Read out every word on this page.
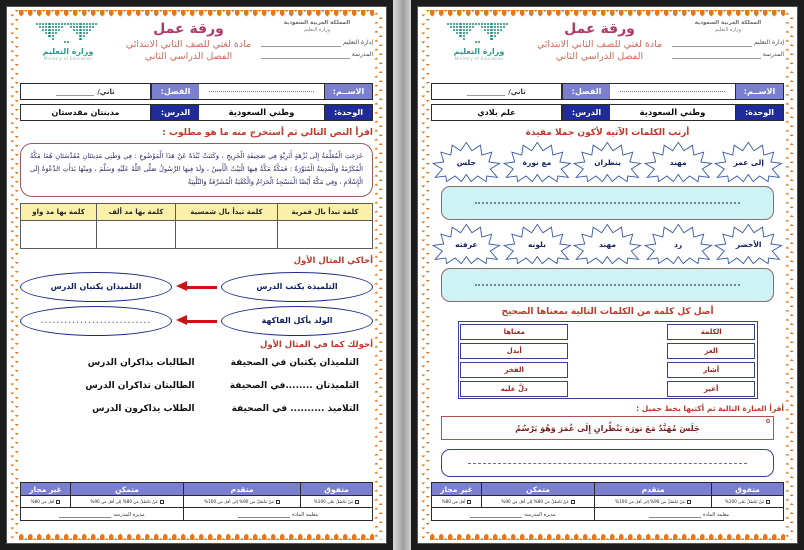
المملكة العربية السعودية
وزارة التعليم
إدارة التعليم
المدرسة
ورقة عمل
مادة لغتي للصف الثاني الابتدائي
الفصل الدراسي الثاني
وزارة التعليم
Ministry of Education
الاســم:
الفصل:
ثاني/
الوحدة:
وطني السعودية
الدرس:
علم بلادي
أرتب الكلمات الآتية لأكون جملا مفيدة
إلى عمر
مهند
ينظران
مع نورة
جلس
الأخضر
رد
مهند
بلونه
عرفته
أصل كل كلمة من الكلمات التالية بمعناها الصحيح
الكلمة		معناها

العز		أبدل

أشار		الفخر

أغير		دلَّ عليه
أقرأ العبارة التالية ثم أكتبها بخط جميل :
جَلَسَ مُهَنَّدٌ مَعَ نورَة يَنْظُرانِ إِلَى عُمَرَ وَهُوَ يَرْسُمُ
متفوق	متقدم	متمكن	غير مجاز
مَنْ تَحْصُلُ على 100%	مَنْ تَحْصُلُ من 90% إلى أقل من 100%	مَنْ تَحْصُلُ من 80% إلى أقل من 90%	أقل من 80%

معلمة المادة		مديرة المدرسة	
المملكة العربية السعودية
وزارة التعليم
إدارة التعليم
المدرسة
ورقة عمل
مادة لغتي للصف الثاني الابتدائي
الفصل الدراسي الثاني
وزارة التعليم
Ministry of Education
الاســم:
الفصل:
ثاني/
الوحدة:
وطني السعودية
الدرس:
مدينتان مقدستان
اقرأ النص التالي ثم أستخرج منه ما هو مطلوب :
خَرَجَتِ الْمُعَلِّمَةُ إِلَى نُزْهَةٍ أَثَرِيَّةٍ فِي صَحِيفَةِ الْخَرِيجِ ، وَكَتَبَتْ نُبْذَةً عَنْ هَذَا الْمَوْضُوعِ : فِي وَطَنِي مَدِينَتَانِ مُقَدَّسَتَانِ هُمَا مَكَّةُ الْمُكَرَّمَةُ وَالْمَدِينَةُ الْمُنَوَّرَةُ : فَمَكَّةُ مَكَّةُ فِيهَا الْبَيْتُ الْأَمِينُ ، وَلَدَ فِيهَا الرَّسُولُ صَلَّى اللَّهُ عَلَيْهِ وَسَلَّمَ ، وَمِنْهَا بَدَأَتِ الدَّعْوَةُ إِلَى الْإِسْلَامِ ، وَفِي مَكَّةَ أَيْضًا الْمَسْجِدُ الْحَرَامُ وَالْكَعْبَةُ الْمُشَرَّفَةُ وَالتَّلْبِيَةُ
كلمة تبدأ بال قمرية	كلمة تبدأ بال شمسية	كلمة بها مد ألف	كلمة بها مد واو

أحاكي المثال الأول
التلميذة يكتب الدرس
التلميذان يكتبان الدرس
الولد يأكل الفاكهة
............................
أحولك كما في المثال الأول
التلميذان يكتبان في الصحيفة
الطالبات يذاكران الدرس
التلميذتان ........في الصحيفة
الطالبتان تذاكران الدرس
التلاميذ .......... في الصحيفة
الطلاب يذاكرون الدرس
متفوق	متقدم	متمكن	غير مجاز
مَنْ تَحْصُلُ على 100%	مَنْ تَحْصُلُ من 90% إلى أقل من 100%	مَنْ تَحْصُلُ من 80% إلى أقل من 90%	أقل من 80%

معلمة المادة		مديرة المدرسة	
